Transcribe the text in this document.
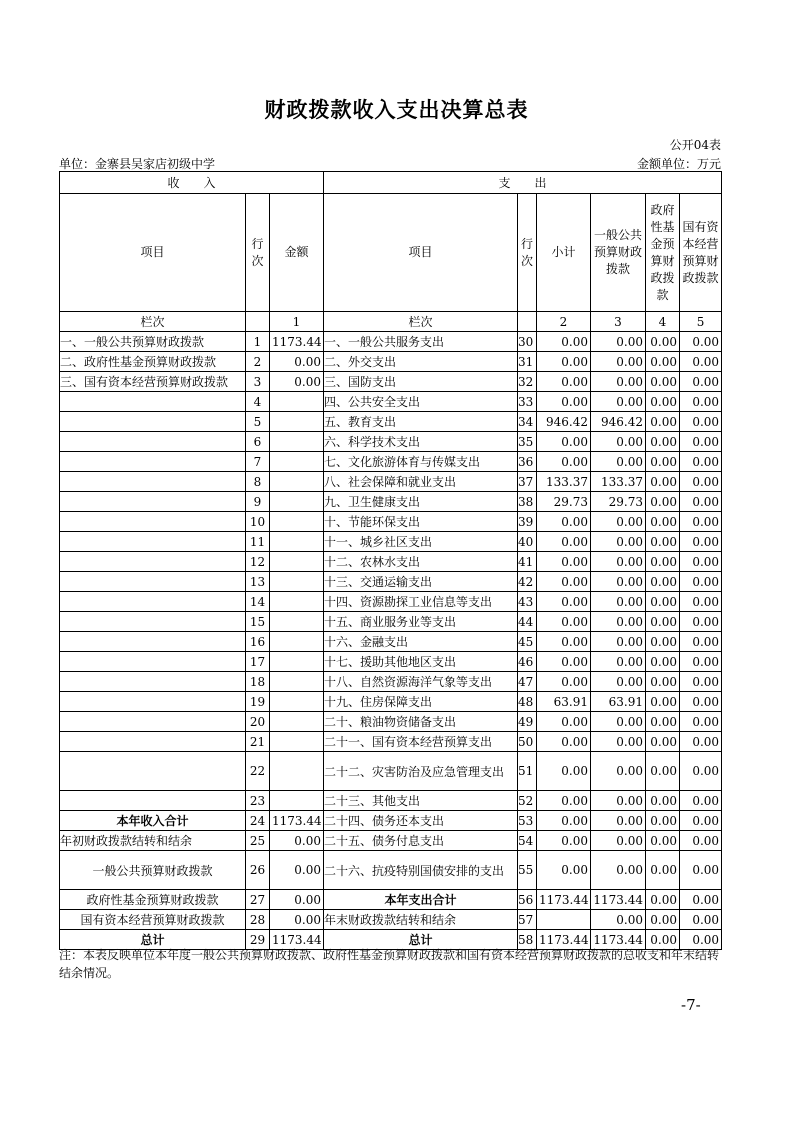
财政拨款收入支出决算总表
公开04表
单位：金寨县吴家店初级中学	金额单位：万元
收　　入			支　　出					
项目	行次	金额	项目	行次	小计	一般公共预算财政拨款	政府性基金预算财政拨款	国有资本经营预算财政拨款
栏次		1	栏次		2	3	4	5
一、一般公共预算财政拨款	1	1173.44	一、一般公共服务支出	30	0.00	0.00	0.00	0.00
二、政府性基金预算财政拨款	2	0.00	二、外交支出	31	0.00	0.00	0.00	0.00
三、国有资本经营预算财政拨款	3	0.00	三、国防支出	32	0.00	0.00	0.00	0.00
	4		四、公共安全支出	33	0.00	0.00	0.00	0.00
	5		五、教育支出	34	946.42	946.42	0.00	0.00
	6		六、科学技术支出	35	0.00	0.00	0.00	0.00
	7		七、文化旅游体育与传媒支出	36	0.00	0.00	0.00	0.00
	8		八、社会保障和就业支出	37	133.37	133.37	0.00	0.00
	9		九、卫生健康支出	38	29.73	29.73	0.00	0.00
	10		十、节能环保支出	39	0.00	0.00	0.00	0.00
	11		十一、城乡社区支出	40	0.00	0.00	0.00	0.00
	12		十二、农林水支出	41	0.00	0.00	0.00	0.00
	13		十三、交通运输支出	42	0.00	0.00	0.00	0.00
	14		十四、资源勘探工业信息等支出	43	0.00	0.00	0.00	0.00
	15		十五、商业服务业等支出	44	0.00	0.00	0.00	0.00
	16		十六、金融支出	45	0.00	0.00	0.00	0.00
	17		十七、援助其他地区支出	46	0.00	0.00	0.00	0.00
	18		十八、自然资源海洋气象等支出	47	0.00	0.00	0.00	0.00
	19		十九、住房保障支出	48	63.91	63.91	0.00	0.00
	20		二十、粮油物资储备支出	49	0.00	0.00	0.00	0.00
	21		二十一、国有资本经营预算支出	50	0.00	0.00	0.00	0.00
	22		二十二、灾害防治及应急管理支出	51	0.00	0.00	0.00	0.00
	23		二十三、其他支出	52	0.00	0.00	0.00	0.00
本年收入合计	24	1173.44	二十四、债务还本支出	53	0.00	0.00	0.00	0.00
年初财政拨款结转和结余	25	0.00	二十五、债务付息支出	54	0.00	0.00	0.00	0.00
一般公共预算财政拨款	26	0.00	二十六、抗疫特别国债安排的支出	55	0.00	0.00	0.00	0.00
政府性基金预算财政拨款	27	0.00	本年支出合计	56	1173.44	1173.44	0.00	0.00
国有资本经营预算财政拨款	28	0.00	年末财政拨款结转和结余	57		0.00	0.00	0.00
总计	29	1173.44	总计	58	1173.44	1173.44	0.00	0.00
注：本表反映单位本年度一般公共预算财政拨款、政府性基金预算财政拨款和国有资本经营预算财政拨款的总收支和年末结转结余情况。
-7-
